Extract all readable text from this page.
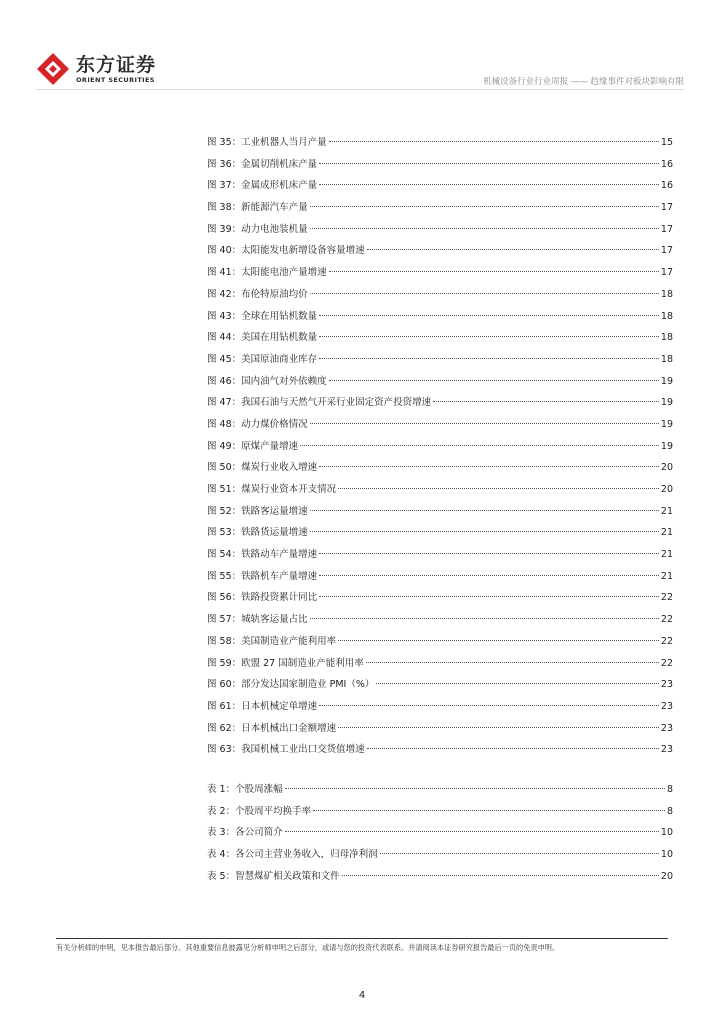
东方证券
ORIENT SECURITIES	机械设备行业行业周报 —— 趋缘事件对板块影响有限
图 35：工业机器人当月产量	15
图 36：金属切削机床产量	16
图 37：金属成形机床产量	16
图 38：新能源汽车产量	17
图 39：动力电池装机量	17
图 40：太阳能发电新增设备容量增速	17
图 41：太阳能电池产量增速	17
图 42：布伦特原油均价	18
图 43：全球在用钻机数量	18
图 44：美国在用钻机数量	18
图 45：美国原油商业库存	18
图 46：国内油气对外依赖度	19
图 47：我国石油与天然气开采行业固定资产投资增速	19
图 48：动力煤价格情况	19
图 49：原煤产量增速	19
图 50：煤炭行业收入增速	20
图 51：煤炭行业资本开支情况	20
图 52：铁路客运量增速	21
图 53：铁路货运量增速	21
图 54：铁路动车产量增速	21
图 55：铁路机车产量增速	21
图 56：铁路投资累计同比	22
图 57：城轨客运量占比	22
图 58：美国制造业产能利用率	22
图 59：欧盟 27 国制造业产能利用率	22
图 60：部分发达国家制造业 PMI（%）	23
图 61：日本机械定单增速	23
图 62：日本机械出口金额增速	23
图 63：我国机械工业出口交货值增速	23
表 1：个股周涨幅	8
表 2：个股周平均换手率	8
表 3：各公司简介	10
表 4：各公司主营业务收入，归母净利润	10
表 5：智慧煤矿相关政策和文件	20
有关分析师的申明，见本报告最后部分。其他重要信息披露见分析师申明之后部分，或请与您的投资代表联系。并请阅读本证券研究报告最后一页的免责申明。
4
